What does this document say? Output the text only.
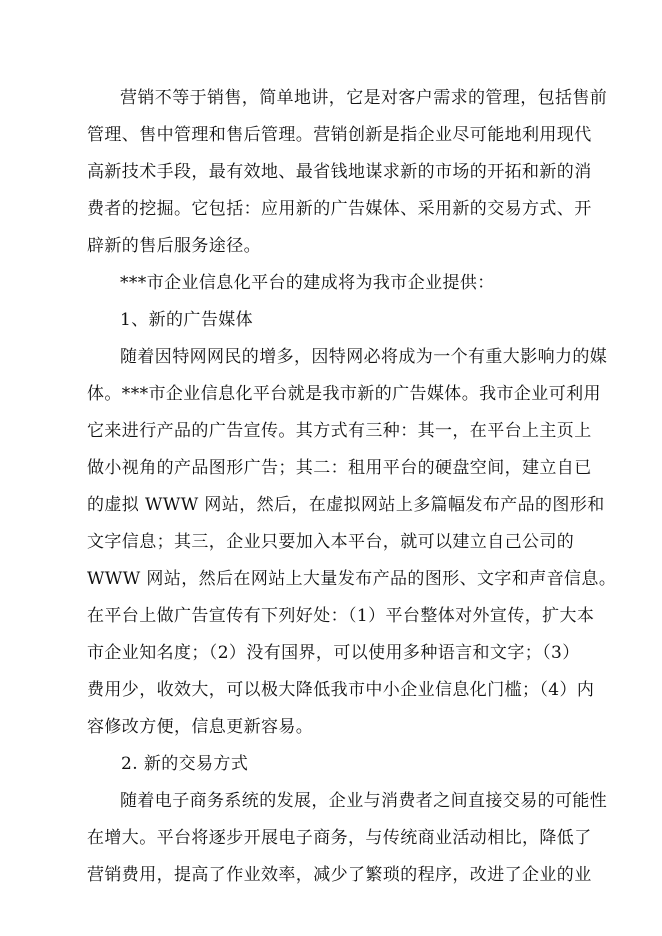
营销不等于销售，简单地讲，它是对客户需求的管理，包括售前
管理、售中管理和售后管理。营销创新是指企业尽可能地利用现代
高新技术手段，最有效地、最省钱地谋求新的市场的开拓和新的消
费者的挖掘。它包括：应用新的广告媒体、采用新的交易方式、开
辟新的售后服务途径。
***市企业信息化平台的建成将为我市企业提供：
1、新的广告媒体
随着因特网网民的增多，因特网必将成为一个有重大影响力的媒
体。***市企业信息化平台就是我市新的广告媒体。我市企业可利用
它来进行产品的广告宣传。其方式有三种：其一，在平台上主页上
做小视角的产品图形广告；其二：租用平台的硬盘空间，建立自已
的虚拟 WWW 网站，然后，在虚拟网站上多篇幅发布产品的图形和
文字信息；其三，企业只要加入本平台，就可以建立自己公司的
WWW 网站，然后在网站上大量发布产品的图形、文字和声音信息。
在平台上做广告宣传有下列好处：（1）平台整体对外宣传，扩大本
市企业知名度；（2）没有国界，可以使用多种语言和文字；（3）
费用少，收效大，可以极大降低我市中小企业信息化门槛；（4）内
容修改方便，信息更新容易。
2. 新的交易方式
随着电子商务系统的发展，企业与消费者之间直接交易的可能性
在增大。平台将逐步开展电子商务，与传统商业活动相比，降低了
营销费用，提高了作业效率，减少了繁琐的程序，改进了企业的业
